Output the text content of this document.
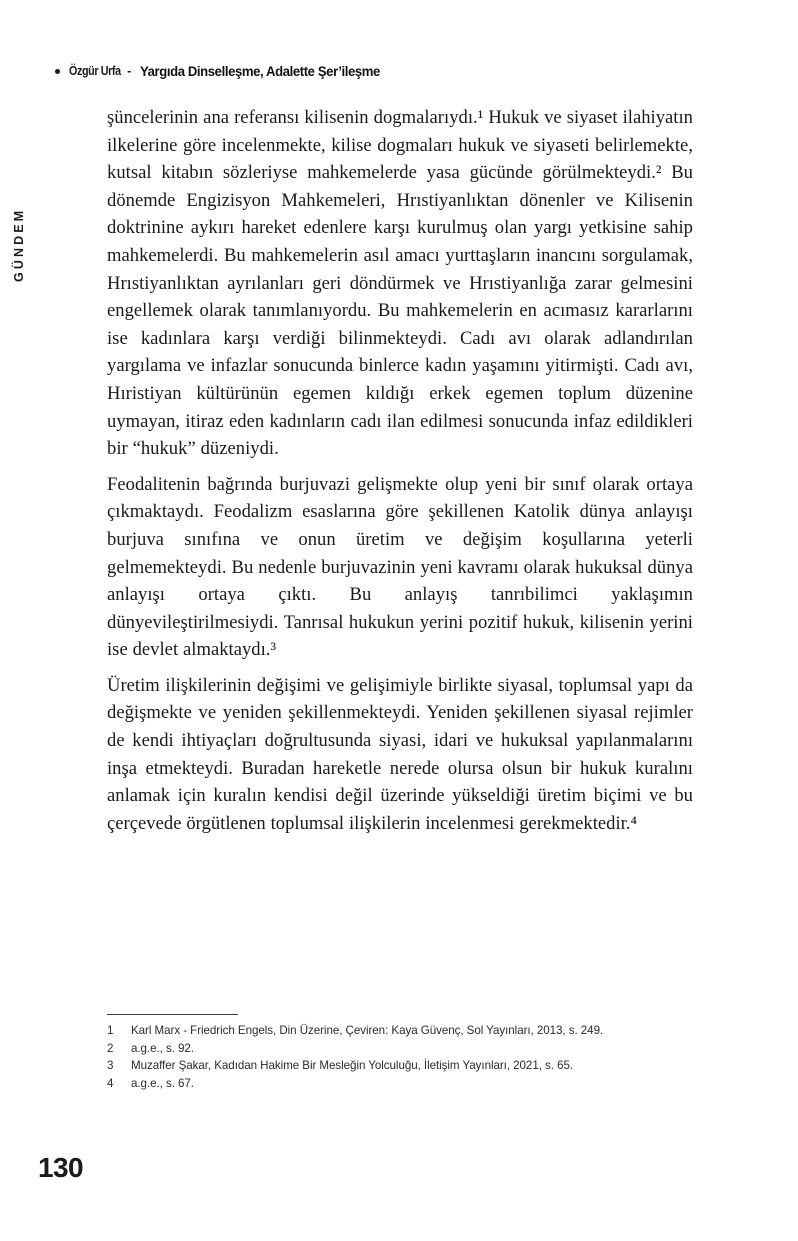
Özgür Urfa - Yargıda Dinselleşme, Adalette Şer’ileşme
GÜNDEM

şüncelerinin ana referansı kilisenin dogmalarıydı.¹ Hukuk ve siyaset ilahiyatın ilkelerine göre incelenmekte, kilise dogmaları hukuk ve siyaseti belirlemekte, kutsal kitabın sözleriyse mahkemelerde yasa gücünde görülmekteydi.² Bu dönemde Engizisyon Mahkemeleri, Hrıstiyanlıktan dönenler ve Kilisenin doktrinine aykırı hareket edenlere karşı kurulmuş olan yargı yetkisine sahip mahkemelerdi. Bu mahkemelerin asıl amacı yurttaşların inancını sorgulamak, Hrıstiyanlıktan ayrılanları geri döndürmek ve Hrıstiyanlığa zarar gelmesini engellemek olarak tanımlanıyordu. Bu mahkemelerin en acımasız kararlarını ise kadınlara karşı verdiği bilinmekteydi. Cadı avı olarak adlandırılan yargılama ve infazlar sonucunda binlerce kadın yaşamını yitirmişti. Cadı avı, Hıristiyan kültürünün egemen kıldığı erkek egemen toplum düzenine uymayan, itiraz eden kadınların cadı ilan edilmesi sonucunda infaz edildikleri bir “hukuk” düzeniydi.

Feodalitenin bağrında burjuvazi gelişmekte olup yeni bir sınıf olarak ortaya çıkmaktaydı. Feodalizm esaslarına göre şekillenen Katolik dünya anlayışı burjuva sınıfına ve onun üretim ve değişim koşullarına yeterli gelmemekteydi. Bu nedenle burjuvazinin yeni kavramı olarak hukuksal dünya anlayışı ortaya çıktı. Bu anlayış tanrıbilimci yaklaşımın dünyevileştirilmesiydi. Tanrısal hukukun yerini pozitif hukuk, kilisenin yerini ise devlet almaktaydı.³

Üretim ilişkilerinin değişimi ve gelişimiyle birlikte siyasal, toplumsal yapı da değişmekte ve yeniden şekillenmekteydi. Yeniden şekillenen siyasal rejimler de kendi ihtiyaçları doğrultusunda siyasi, idari ve hukuksal yapılanmalarını inşa etmekteydi. Buradan hareketle nerede olursa olsun bir hukuk kuralını anlamak için kuralın kendisi değil üzerinde yükseldiği üretim biçimi ve bu çerçevede örgütlenen toplumsal ilişkilerin incelenmesi gerekmektedir.⁴

1	Karl Marx - Friedrich Engels, Din Üzerine, Çeviren: Kaya Güvenç, Sol Yayınları, 2013, s. 249.
2	a.g.e., s. 92.
3	Muzaffer Şakar, Kadıdan Hakime Bir Mesleğin Yolculuğu, İletişim Yayınları, 2021, s. 65.
4	a.g.e., s. 67.
130
